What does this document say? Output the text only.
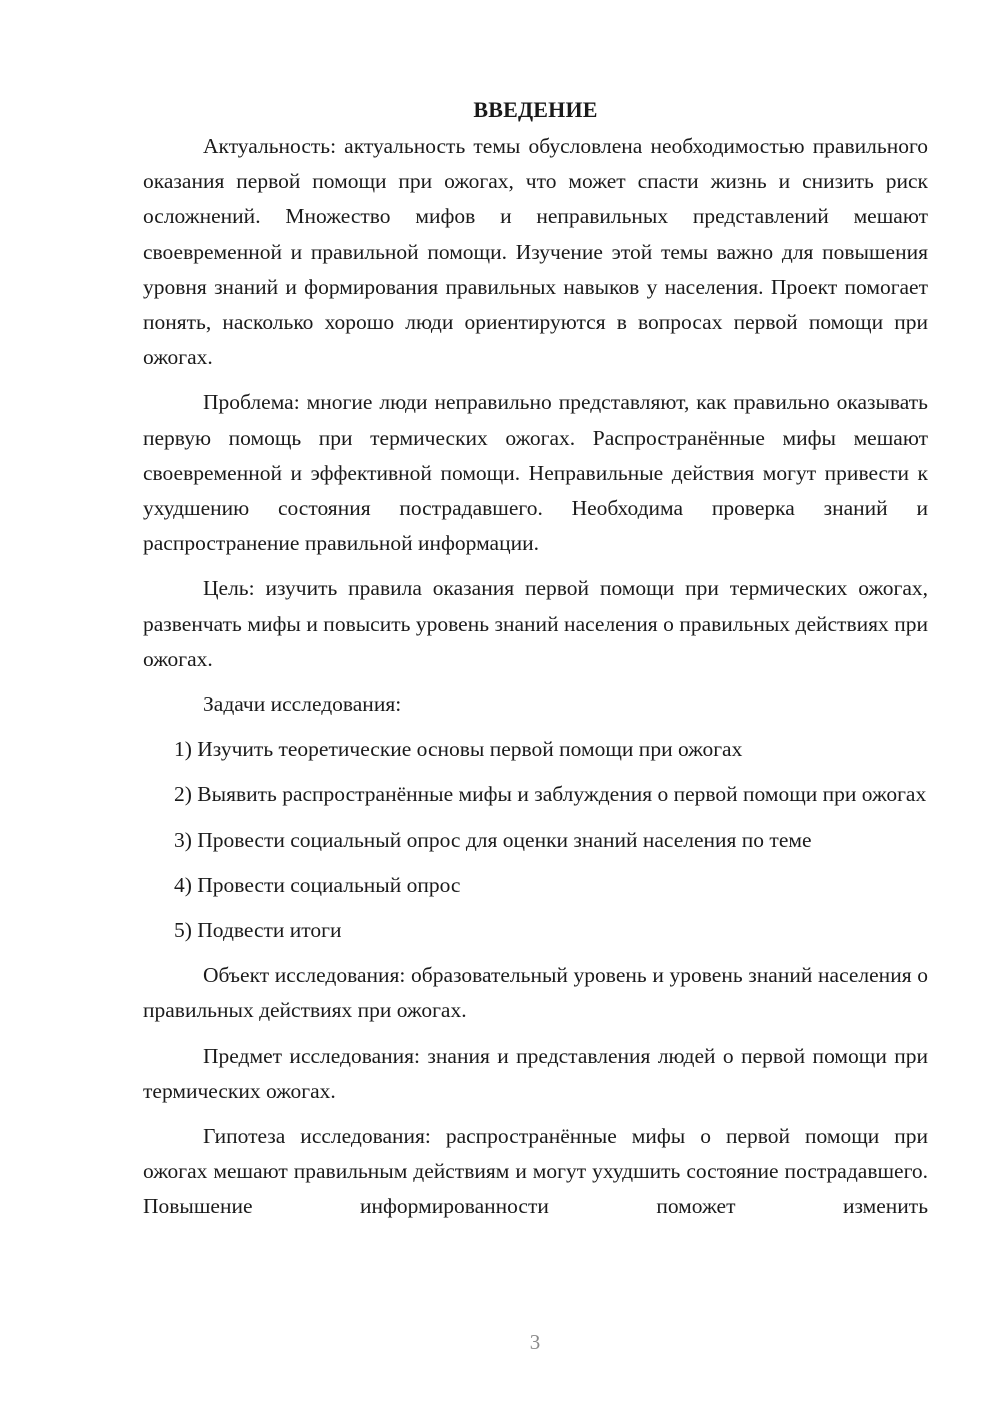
ВВЕДЕНИЕ

Актуальность: актуальность темы обусловлена необходимостью правильного оказания первой помощи при ожогах, что может спасти жизнь и снизить риск осложнений. Множество мифов и неправильных представлений мешают своевременной и правильной помощи. Изучение этой темы важно для повышения уровня знаний и формирования правильных навыков у населения. Проект помогает понять, насколько хорошо люди ориентируются в вопросах первой помощи при ожогах.

Проблема: многие люди неправильно представляют, как правильно оказывать первую помощь при термических ожогах. Распространённые мифы мешают своевременной и эффективной помощи. Неправильные действия могут привести к ухудшению состояния пострадавшего. Необходима проверка знаний и распространение правильной информации.

Цель: изучить правила оказания первой помощи при термических ожогах, развенчать мифы и повысить уровень знаний населения о правильных действиях при ожогах.

Задачи исследования:

1) Изучить теоретические основы первой помощи при ожогах

2) Выявить распространённые мифы и заблуждения о первой помощи при ожогах

3) Провести социальный опрос для оценки знаний населения по теме

4) Провести социальный опрос

5) Подвести итоги

Объект исследования: образовательный уровень и уровень знаний населения о правильных действиях при ожогах.

Предмет исследования: знания и представления людей о первой помощи при термических ожогах.

Гипотеза исследования: распространённые мифы о первой помощи при ожогах мешают правильным действиям и могут ухудшить состояние пострадавшего. Повышение информированности поможет изменить

3
